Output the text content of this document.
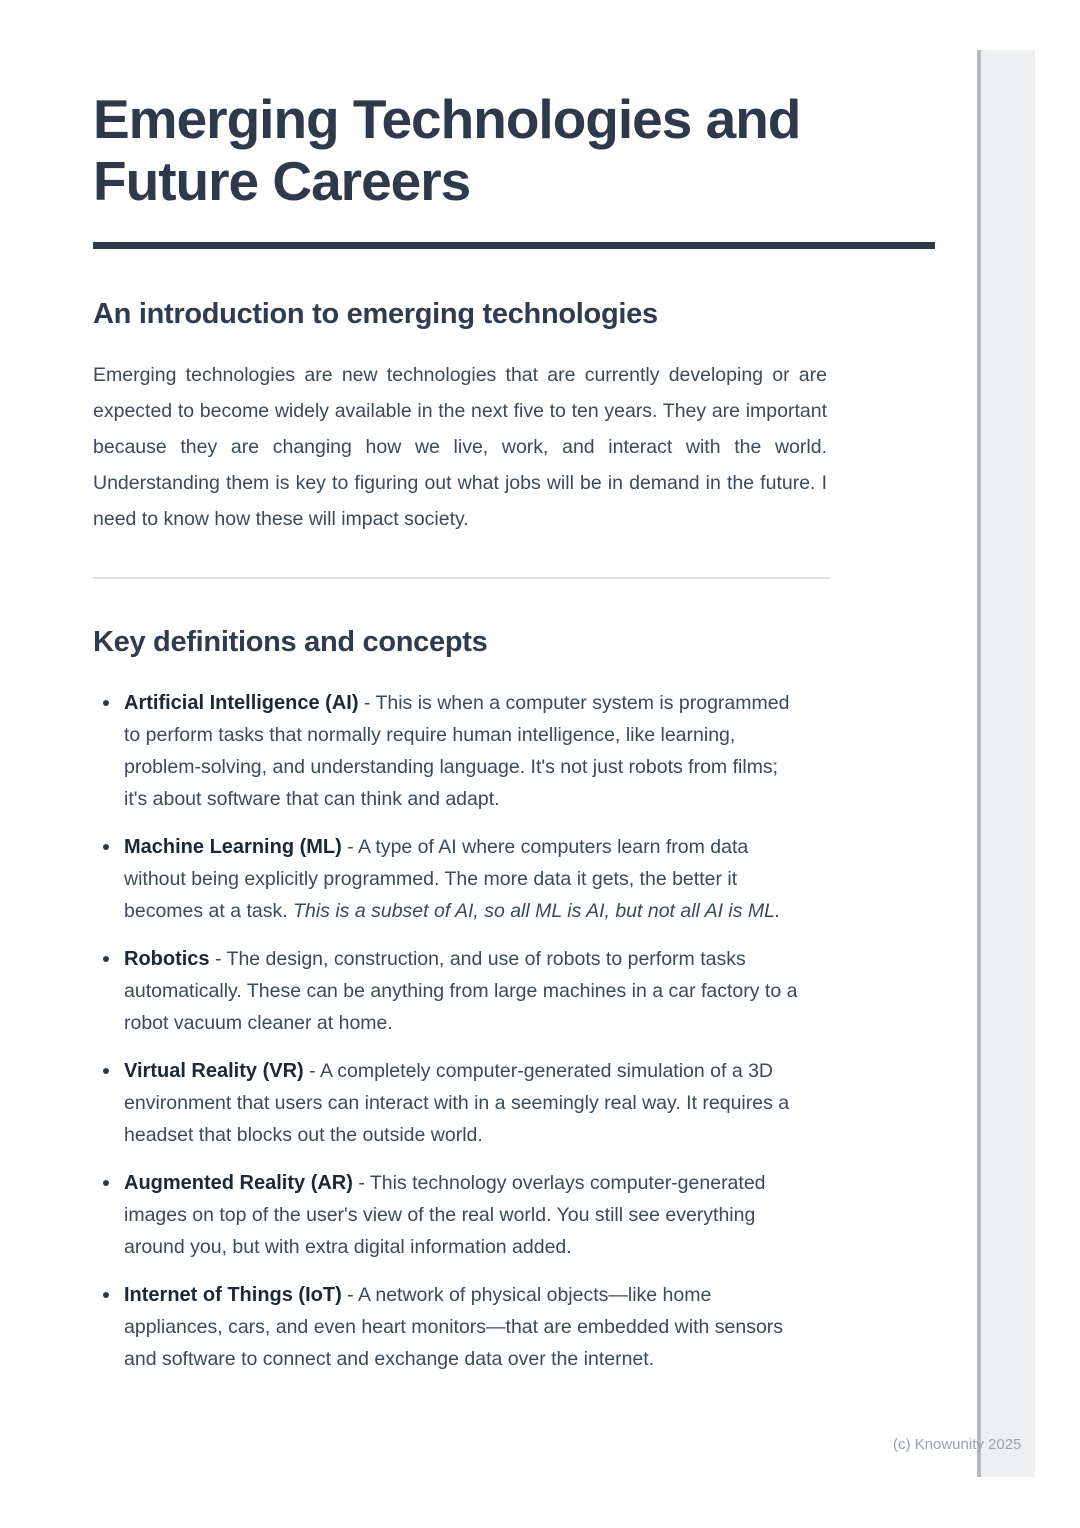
Emerging Technologies and
Future Careers
An introduction to emerging technologies

Emerging technologies are new technologies that are currently developing or are expected to become widely available in the next five to ten years. They are important because they are changing how we live, work, and interact with the world. Understanding them is key to figuring out what jobs will be in demand in the future. I need to know how these will impact society.

Key definitions and concepts
Artificial Intelligence (AI) - This is when a computer system is programmed to perform tasks that normally require human intelligence, like learning, problem-solving, and understanding language. It's not just robots from films; it's about software that can think and adapt.
Machine Learning (ML) - A type of AI where computers learn from data without being explicitly programmed. The more data it gets, the better it becomes at a task. This is a subset of AI, so all ML is AI, but not all AI is ML.
Robotics - The design, construction, and use of robots to perform tasks automatically. These can be anything from large machines in a car factory to a robot vacuum cleaner at home.
Virtual Reality (VR) - A completely computer-generated simulation of a 3D environment that users can interact with in a seemingly real way. It requires a headset that blocks out the outside world.
Augmented Reality (AR) - This technology overlays computer-generated images on top of the user's view of the real world. You still see everything around you, but with extra digital information added.
Internet of Things (IoT) - A network of physical objects—like home appliances, cars, and even heart monitors—that are embedded with sensors and software to connect and exchange data over the internet.
(c) Knowunity 2025
